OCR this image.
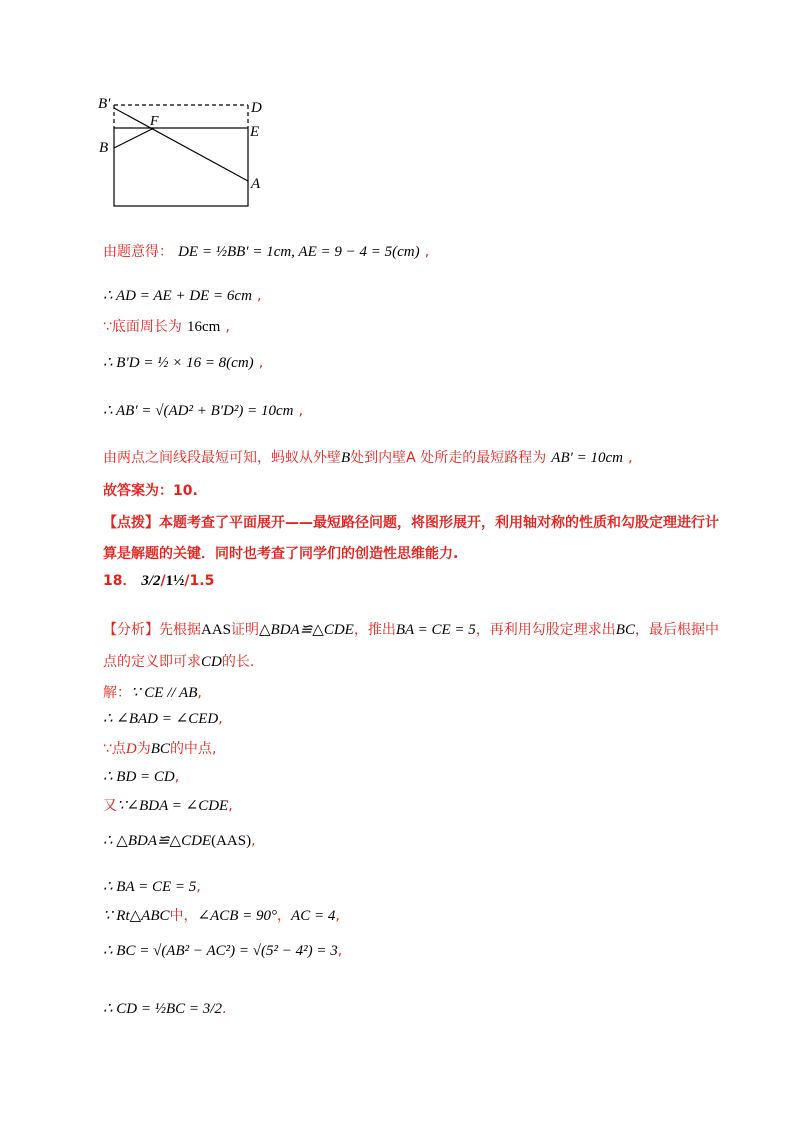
B′	D
F
E
B
A
由题意得： DE = ½BB′ = 1cm, AE = 9 − 4 = 5(cm) ,
∴ AD = AE + DE = 6cm ,
∵底面周长为 16cm ,
∴ B′D = ½ × 16 = 8(cm) ,
∴ AB′ = √(AD² + B′D²) = 10cm ,
由两点之间线段最短可知，蚂蚁从外壁B处到内壁A 处所走的最短路程为 AB′ = 10cm ,
故答案为：10.
【点拨】本题考查了平面展开——最短路径问题，将图形展开，利用轴对称的性质和勾股定理进行计
算是解题的关键．同时也考查了同学们的创造性思维能力.
18． 3/2/1½/1.5
【分析】先根据AAS证明△BDA≌△CDE，推出BA = CE = 5，再利用勾股定理求出BC，最后根据中
点的定义即可求CD的长.
解：∵ CE // AB,
∴ ∠BAD = ∠CED,
∵点D为BC的中点,
∴ BD = CD,
又∵∠BDA = ∠CDE,
∴ △BDA≌△CDE(AAS),
∴ BA = CE = 5,
∵ Rt△ABC中，∠ACB = 90°，AC = 4,
∴ BC = √(AB² − AC²) = √(5² − 4²) = 3,
∴ CD = ½BC = 3/2.
